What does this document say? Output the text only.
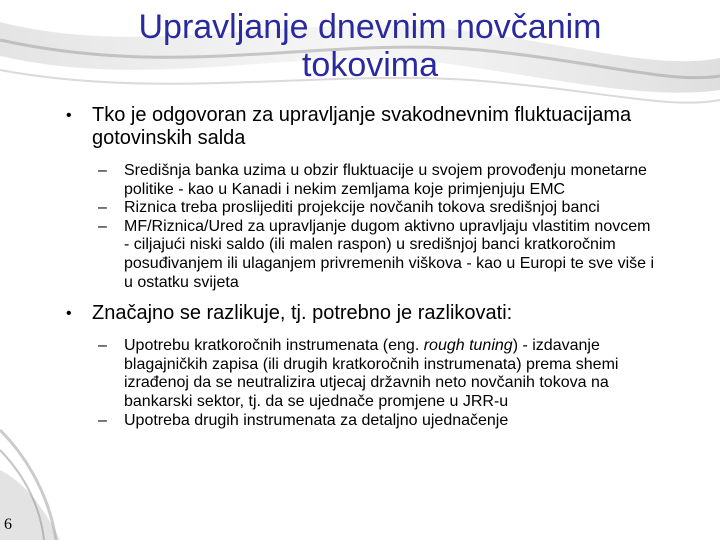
Upravljanje dnevnim novčanim
tokovima

• Tko je odgovoran za upravljanje svakodnevnim fluktuacijama gotovinskih salda

– Središnja banka uzima u obzir fluktuacije u svojem provođenju monetarne politike - kao u Kanadi i nekim zemljama koje primjenjuju EMC
– Riznica treba proslijediti projekcije novčanih tokova središnjoj banci
– MF/Riznica/Ured za upravljanje dugom aktivno upravljaju vlastitim novcem - ciljajući niski saldo (ili malen raspon) u središnjoj banci kratkoročnim posuđivanjem ili ulaganjem privremenih viškova - kao u Europi te sve više i u ostatku svijeta

• Značajno se razlikuje, tj. potrebno je razlikovati:

– Upotrebu kratkoročnih instrumenata (eng. rough tuning) - izdavanje blagajničkih zapisa (ili drugih kratkoročnih instrumenata) prema shemi izrađenoj da se neutralizira utjecaj državnih neto novčanih tokova na bankarski sektor, tj. da se ujednače promjene u JRR-u
– Upotreba drugih instrumenata za detaljno ujednačenje
6
